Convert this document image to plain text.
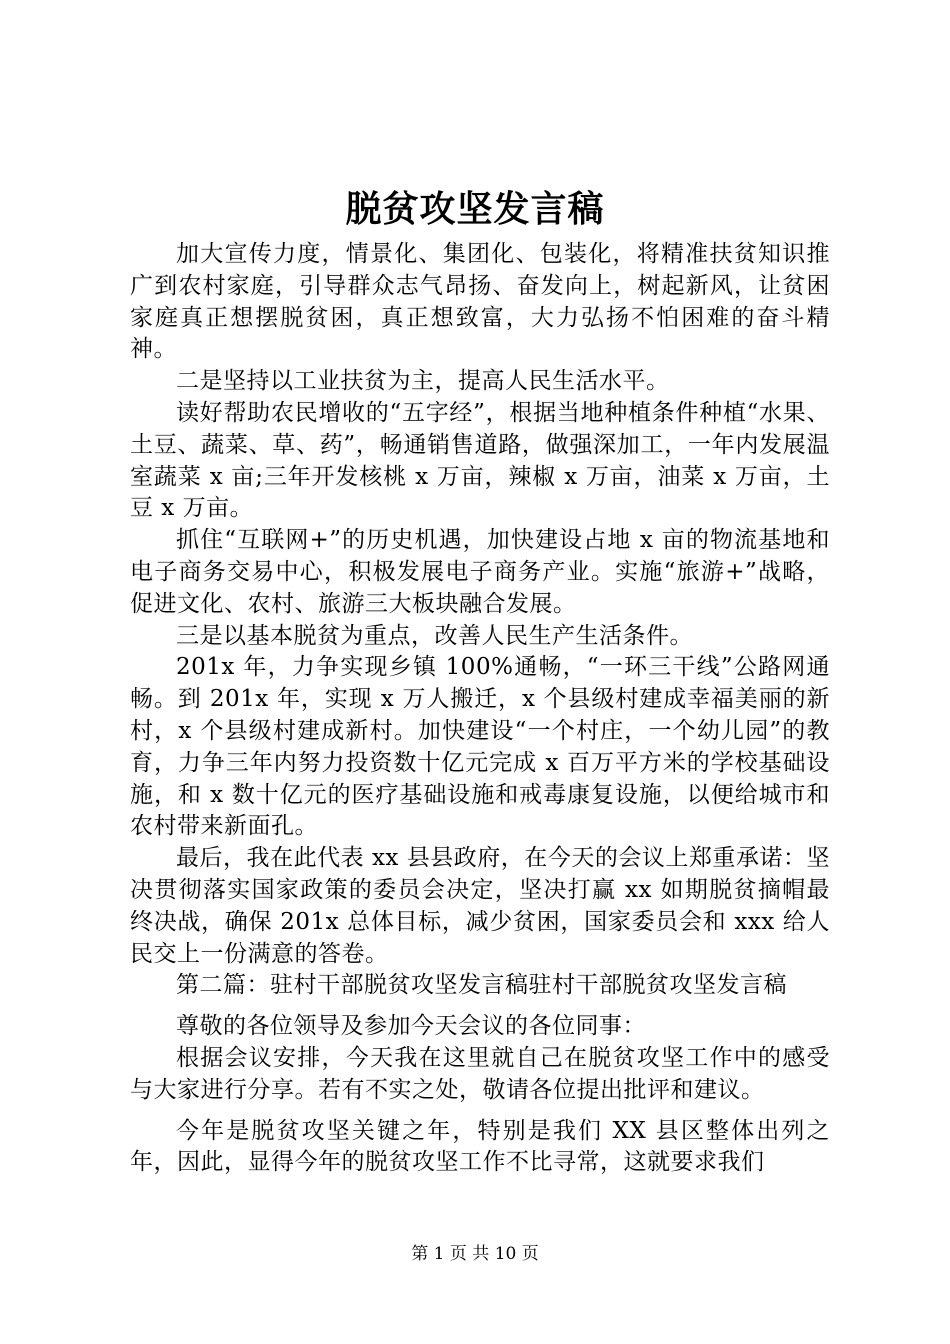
脱贫攻坚发言稿

加大宣传力度，情景化、集团化、包装化，将精准扶贫知识推广到农村家庭，引导群众志气昂扬、奋发向上，树起新风，让贫困家庭真正想摆脱贫困，真正想致富，大力弘扬不怕困难的奋斗精神。

二是坚持以工业扶贫为主，提高人民生活水平。

读好帮助农民增收的“五字经”，根据当地种植条件种植“水果、土豆、蔬菜、草、药”，畅通销售道路，做强深加工，一年内发展温室蔬菜 x 亩;三年开发核桃 x 万亩，辣椒 x 万亩，油菜 x 万亩，土豆 x 万亩。

抓住“互联网+”的历史机遇，加快建设占地 x 亩的物流基地和电子商务交易中心，积极发展电子商务产业。实施“旅游+”战略，促进文化、农村、旅游三大板块融合发展。

三是以基本脱贫为重点，改善人民生产生活条件。

201x 年，力争实现乡镇 100%通畅，“一环三干线”公路网通畅。到 201x 年，实现 x 万人搬迁，x 个县级村建成幸福美丽的新村，x 个县级村建成新村。加快建设“一个村庄，一个幼儿园”的教育，力争三年内努力投资数十亿元完成 x 百万平方米的学校基础设施，和 x 数十亿元的医疗基础设施和戒毒康复设施，以便给城市和农村带来新面孔。

最后，我在此代表 xx 县县政府，在今天的会议上郑重承诺：坚决贯彻落实国家政策的委员会决定，坚决打赢 xx 如期脱贫摘帽最终决战，确保 201x 总体目标，减少贫困，国家委员会和 xxx 给人民交上一份满意的答卷。

第二篇：驻村干部脱贫攻坚发言稿驻村干部脱贫攻坚发言稿

尊敬的各位领导及参加今天会议的各位同事：

根据会议安排，今天我在这里就自己在脱贫攻坚工作中的感受与大家进行分享。若有不实之处，敬请各位提出批评和建议。

今年是脱贫攻坚关键之年，特别是我们 XX 县区整体出列之年，因此，显得今年的脱贫攻坚工作不比寻常，这就要求我们

第 1 页 共 10 页
